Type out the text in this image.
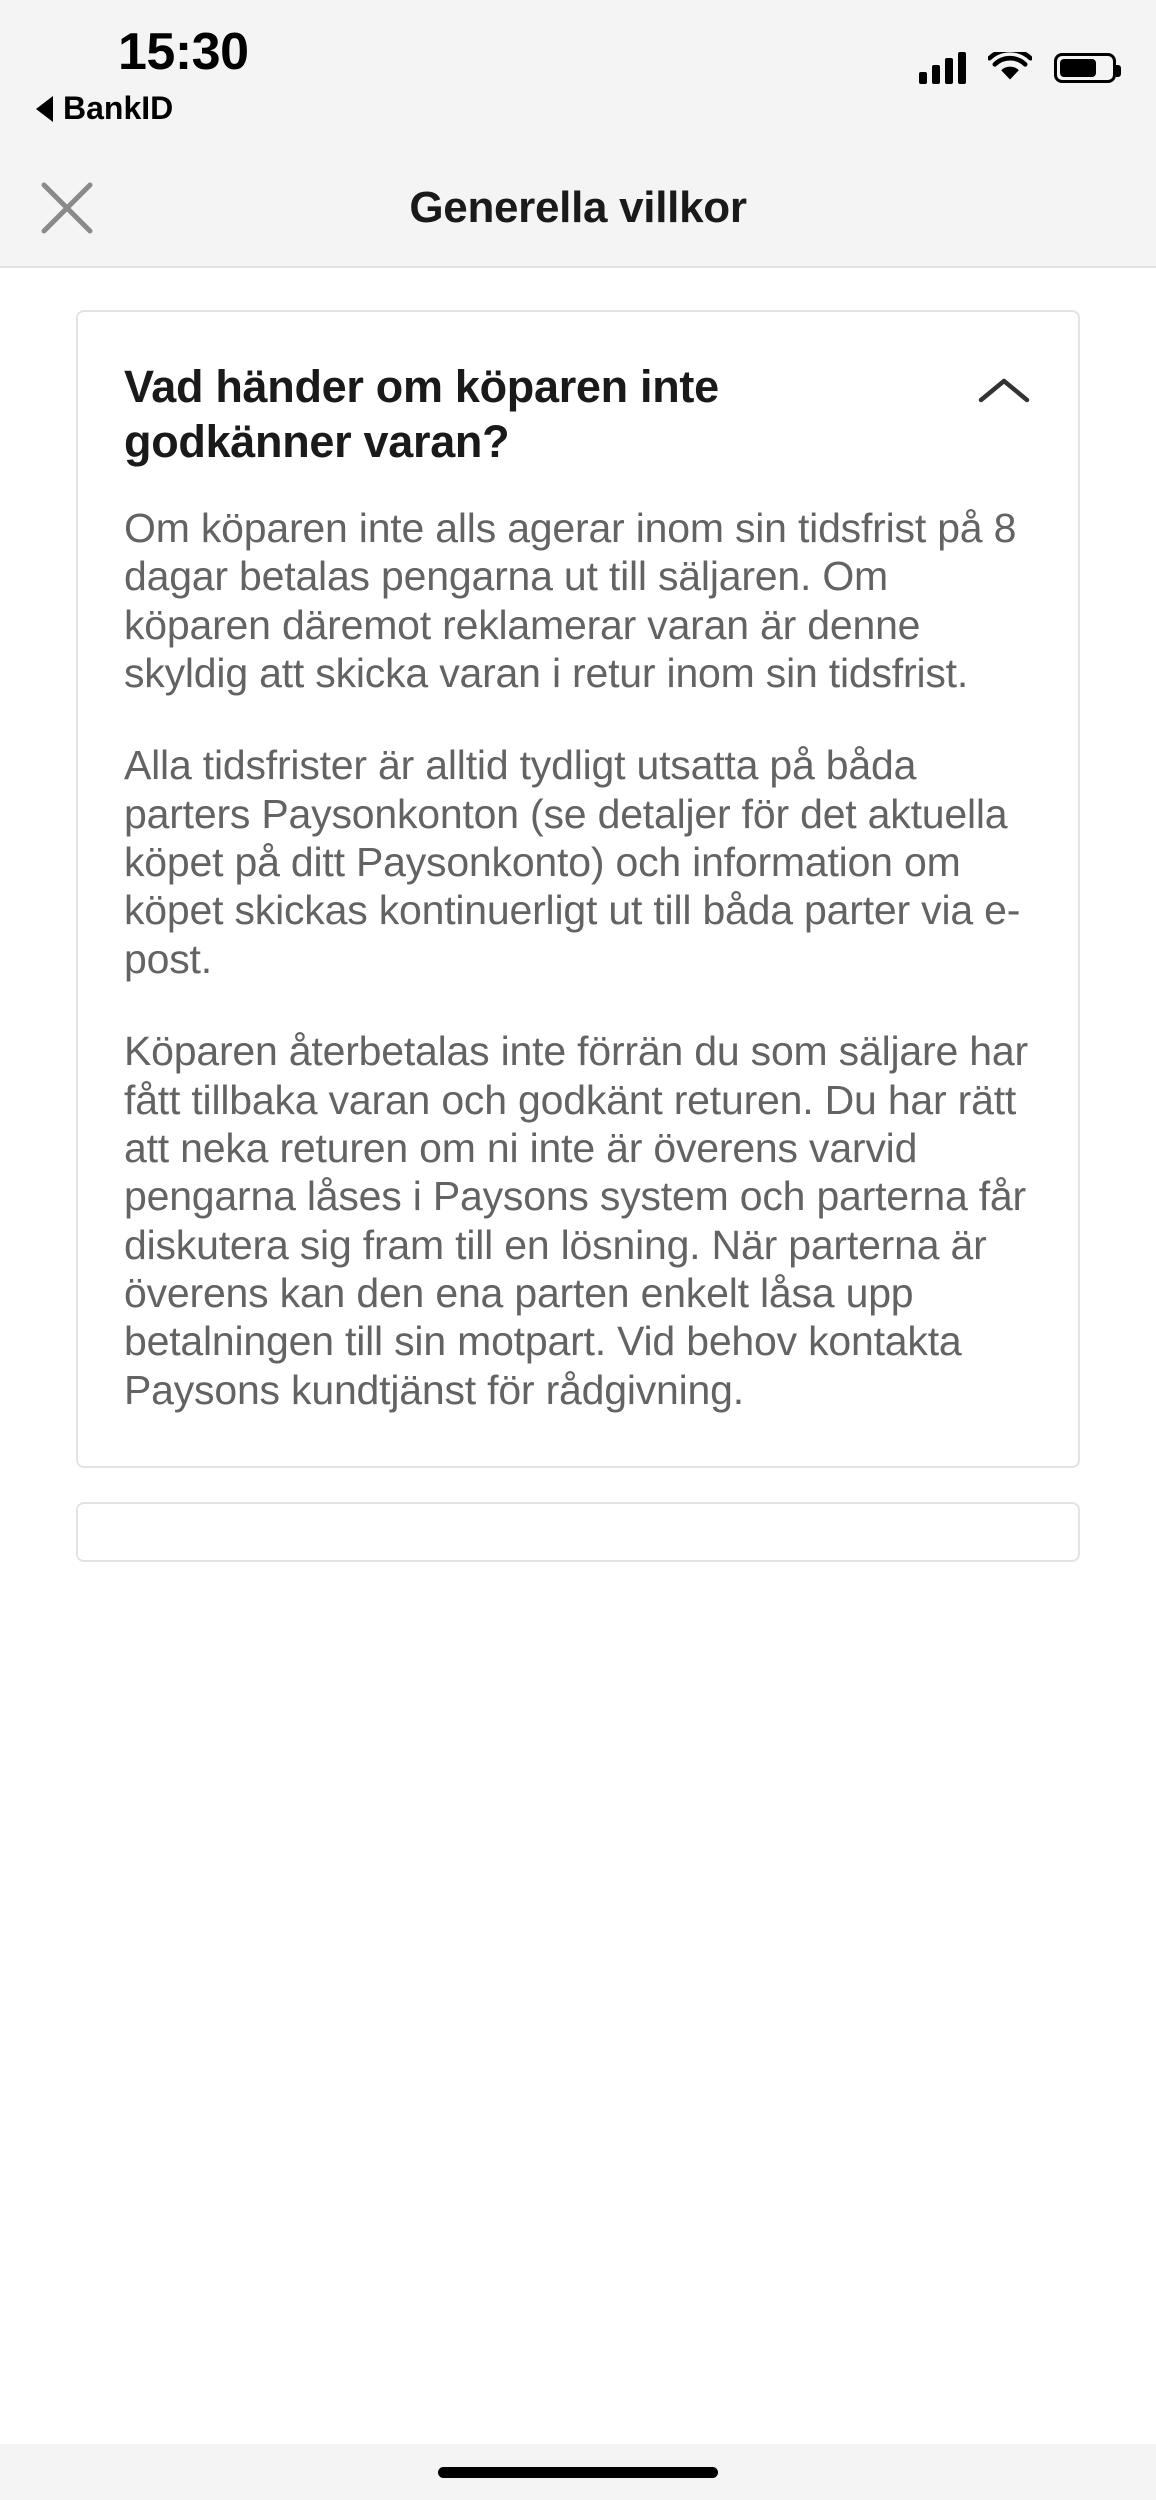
15:30
BankID
Generella villkor
Vad händer om köparen inte godkänner varan?

Om köparen inte alls agerar inom sin tidsfrist på 8 dagar betalas pengarna ut till säljaren. Om köparen däremot reklamerar varan är denne skyldig att skicka varan i retur inom sin tidsfrist.

Alla tidsfrister är alltid tydligt utsatta på båda parters Paysonkonton (se detaljer för det aktuella köpet på ditt Paysonkonto) och information om köpet skickas kontinuerligt ut till båda parter via e-post.

Köparen återbetalas inte förrän du som säljare har fått tillbaka varan och godkänt returen. Du har rätt att neka returen om ni inte är överens varvid pengarna låses i Paysons system och parterna får diskutera sig fram till en lösning. När parterna är överens kan den ena parten enkelt låsa upp betalningen till sin motpart. Vid behov kontakta Paysons kundtjänst för rådgivning.
